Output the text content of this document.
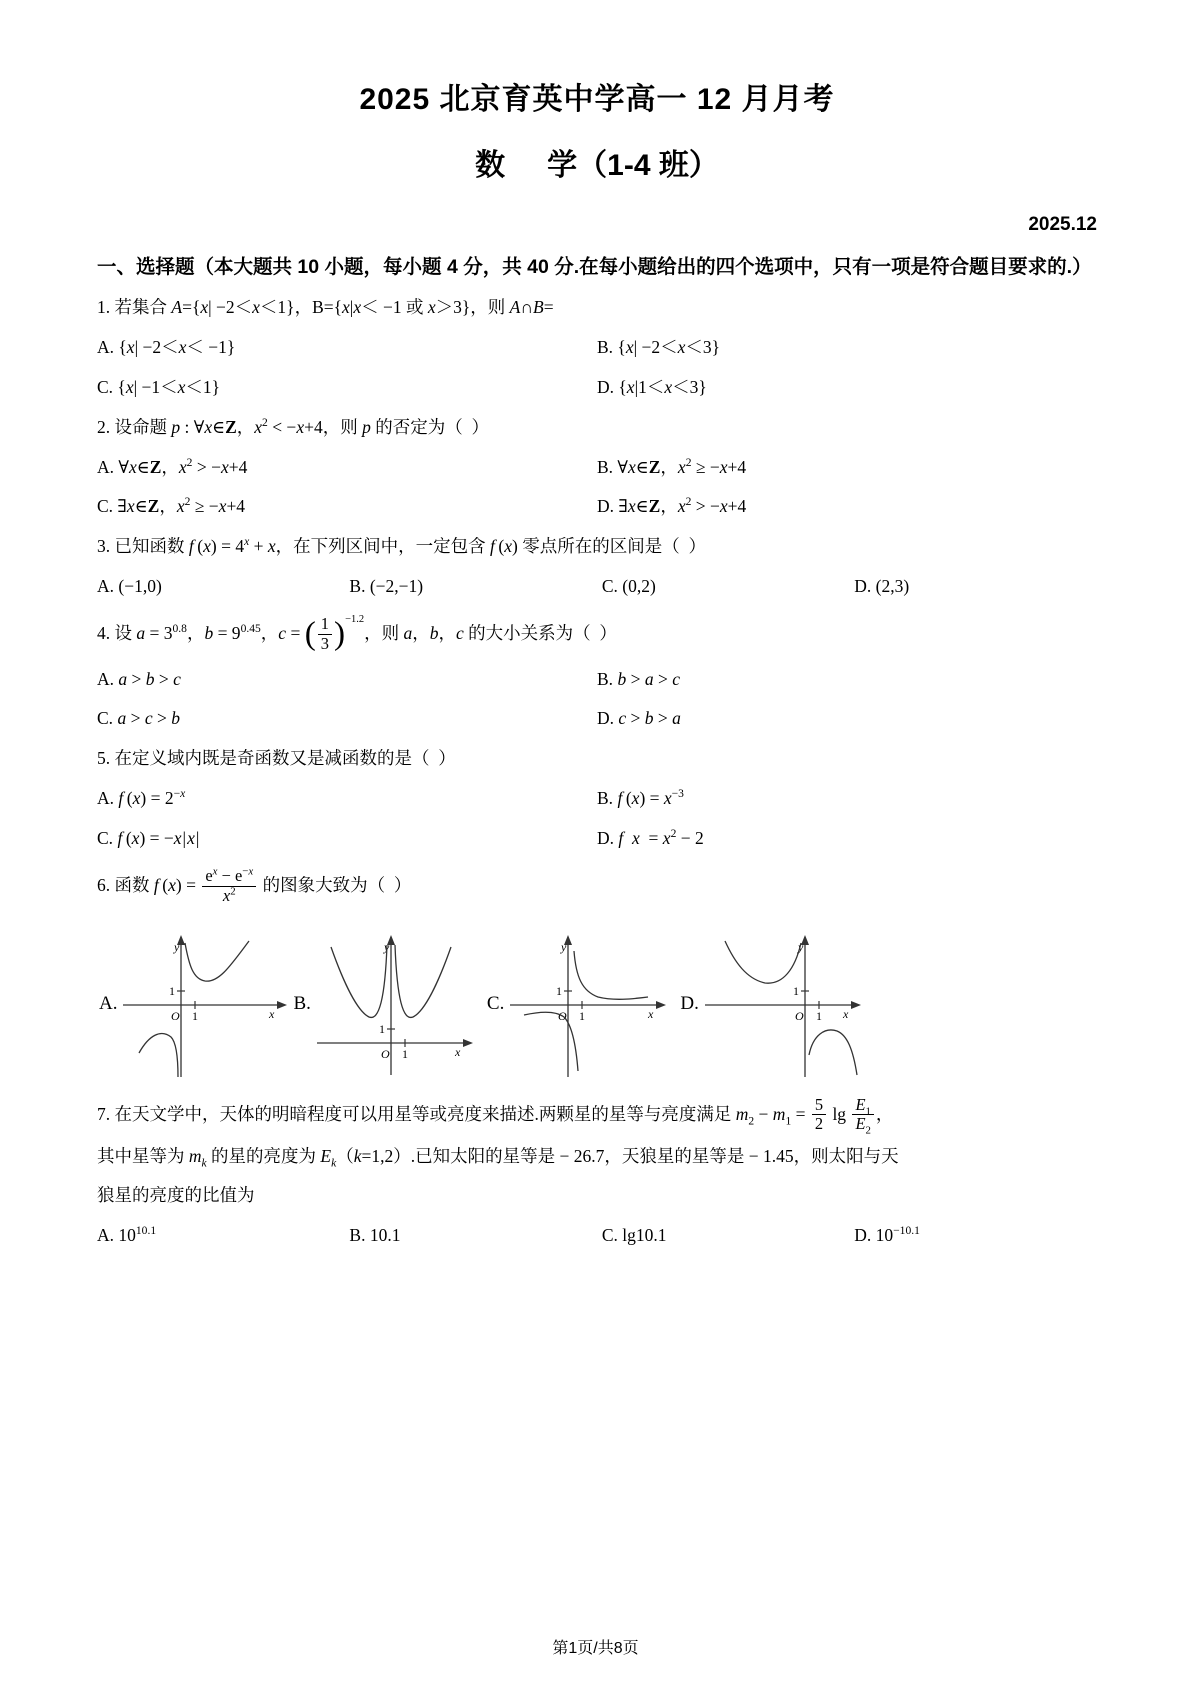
2025 北京育英中学高一 12 月月考
数 学（1-4 班）
2025.12
一、选择题（本大题共 10 小题，每小题 4 分，共 40 分.在每小题给出的四个选项中，只有一项是符合题目要求的.）
1. 若集合 A={x| −2＜x＜1}，B={x|x＜ −1 或 x＞3}，则 A∩B=
A. {x| −2＜x＜ −1}	B. {x| −2＜x＜3}
C. {x| −1＜x＜1}	D. {x|1＜x＜3}
2. 设命题 p : ∀x∈Z，$x^2 < -x+4$，则 p 的否定为（  ）
A. ∀x∈Z，$x^2 > -x+4$	B. ∀x∈Z，$x^2 \ge -x+4$
C. ∃x∈Z，$x^2 \ge -x+4$	D. ∃x∈Z，$x^2 > -x+4$
3. 已知函数 f $(x) = 4^x + x$，在下列区间中，一定包含 f (x) 零点所在的区间是（  ）
A. (−1,0)	B. (−2,−1)	C. (0,2)	D. (2,3)
4. 设 $a = 3^{0.8}$，$b = 9^{0.45}$，c = ( $\frac{1}{3} )-1.2$，则 a，b，c 的大小关系为（  ）
A. a > b > c	B. b > a > c
C. a > c > b	D. c > b > a
5. 在定义域内既是奇函数又是减函数的是（  ）
A. f $(x) = 2^{-x}$	B. f $(x) = x^{-3}$
C. f (x) = −x|x|	D. f $x = x^2 - 2$
6. 函数 f $(x) = \frac{e^x - e^{-x}}{x^2}$ 的图象大致为（  ）
A.
1
O 1
y
x B.
1
O 1
y
x
C.
1
O 1
y
x D.
1
O 1
y
x
7. 在天文学中，天体的明暗程度可以用星等或亮度来描述.两颗星的星等与亮度满足 $m_2 - m_1 = \frac{5}{2}$ $\lg \frac{E_1}{E_2}$ ，
其中星等为 $m_k$ 的星的亮度为 $E_k(k=1,2)$.已知太阳的星等是 − 26.7，天狼星的星等是 − 1.45，则太阳与天
狼星的亮度的比值为
A. $10^{10.1}$	B. 10.1	C. lg10.1	D. $10^{-10.1}$
第1页/共8页
